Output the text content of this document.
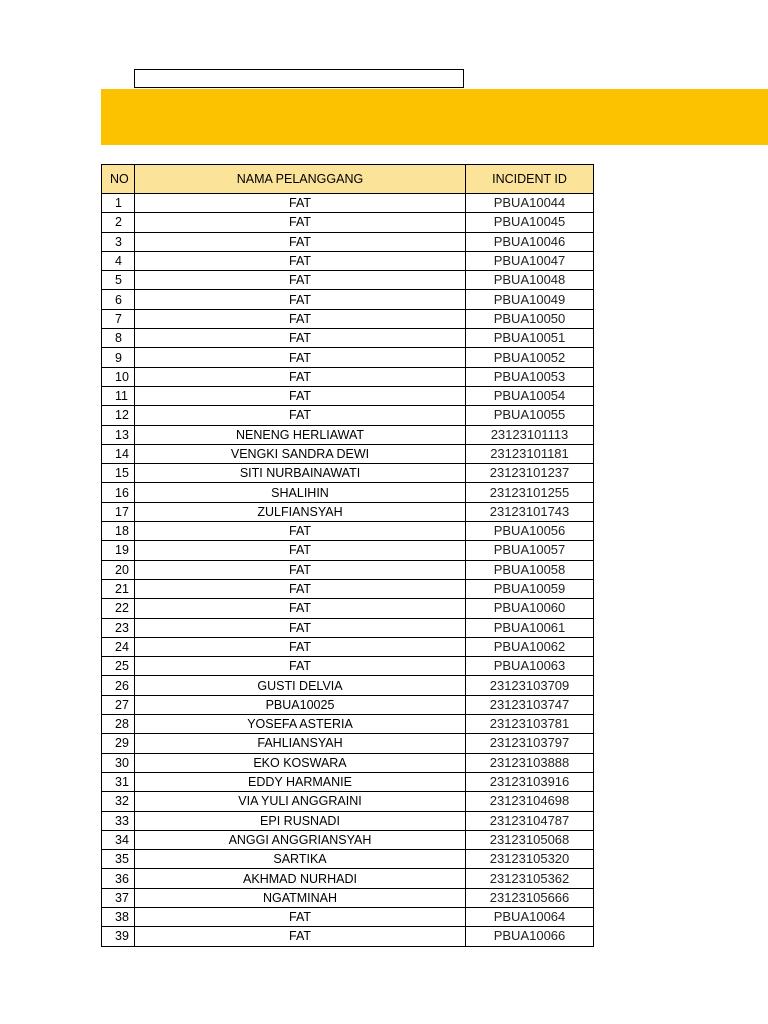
NO	NAMA PELANGGANG	INCIDENT ID
1	FAT	PBUA10044
2	FAT	PBUA10045
3	FAT	PBUA10046
4	FAT	PBUA10047
5	FAT	PBUA10048
6	FAT	PBUA10049
7	FAT	PBUA10050
8	FAT	PBUA10051
9	FAT	PBUA10052
10	FAT	PBUA10053
11	FAT	PBUA10054
12	FAT	PBUA10055
13	NENENG HERLIAWAT	23123101113
14	VENGKI SANDRA DEWI	23123101181
15	SITI NURBAINAWATI	23123101237
16	SHALIHIN	23123101255
17	ZULFIANSYAH	23123101743
18	FAT	PBUA10056
19	FAT	PBUA10057
20	FAT	PBUA10058
21	FAT	PBUA10059
22	FAT	PBUA10060
23	FAT	PBUA10061
24	FAT	PBUA10062
25	FAT	PBUA10063
26	GUSTI DELVIA	23123103709
27	PBUA10025	23123103747
28	YOSEFA ASTERIA	23123103781
29	FAHLIANSYAH	23123103797
30	EKO KOSWARA	23123103888
31	EDDY HARMANIE	23123103916
32	VIA YULI ANGGRAINI	23123104698
33	EPI RUSNADI	23123104787
34	ANGGI ANGGRIANSYAH	23123105068
35	SARTIKA	23123105320
36	AKHMAD NURHADI	23123105362
37	NGATMINAH	23123105666
38	FAT	PBUA10064
39	FAT	PBUA10066
